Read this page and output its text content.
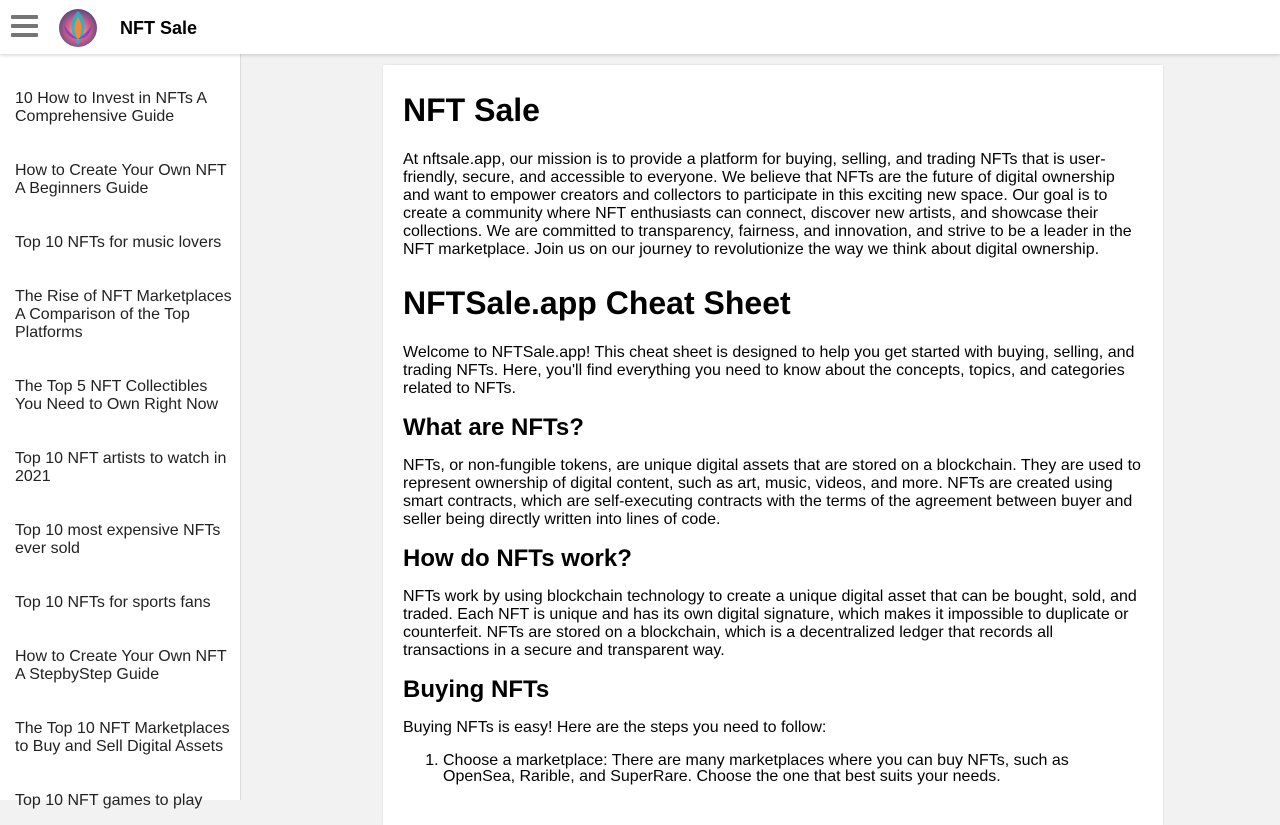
NFT Sale
10 How to Invest in NFTs A Comprehensive Guide
How to Create Your Own NFT A Beginners Guide
Top 10 NFTs for music lovers
The Rise of NFT Marketplaces A Comparison of the Top Platforms
The Top 5 NFT Collectibles You Need to Own Right Now
Top 10 NFT artists to watch in 2021
Top 10 most expensive NFTs ever sold
Top 10 NFTs for sports fans
How to Create Your Own NFT A StepbyStep Guide
The Top 10 NFT Marketplaces to Buy and Sell Digital Assets
Top 10 NFT games to play
NFT Sale

At nftsale.app, our mission is to provide a platform for buying, selling, and trading NFTs that is user-friendly, secure, and accessible to everyone. We believe that NFTs are the future of digital ownership and want to empower creators and collectors to participate in this exciting new space. Our goal is to create a community where NFT enthusiasts can connect, discover new artists, and showcase their collections. We are committed to transparency, fairness, and innovation, and strive to be a leader in the NFT marketplace. Join us on our journey to revolutionize the way we think about digital ownership.

NFTSale.app Cheat Sheet

Welcome to NFTSale.app! This cheat sheet is designed to help you get started with buying, selling, and trading NFTs. Here, you'll find everything you need to know about the concepts, topics, and categories related to NFTs.

What are NFTs?

NFTs, or non-fungible tokens, are unique digital assets that are stored on a blockchain. They are used to represent ownership of digital content, such as art, music, videos, and more. NFTs are created using smart contracts, which are self-executing contracts with the terms of the agreement between buyer and seller being directly written into lines of code.

How do NFTs work?

NFTs work by using blockchain technology to create a unique digital asset that can be bought, sold, and traded. Each NFT is unique and has its own digital signature, which makes it impossible to duplicate or counterfeit. NFTs are stored on a blockchain, which is a decentralized ledger that records all transactions in a secure and transparent way.

Buying NFTs

Buying NFTs is easy! Here are the steps you need to follow:

1. Choose a marketplace: There are many marketplaces where you can buy NFTs, such as OpenSea, Rarible, and SuperRare. Choose the one that best suits your needs.
